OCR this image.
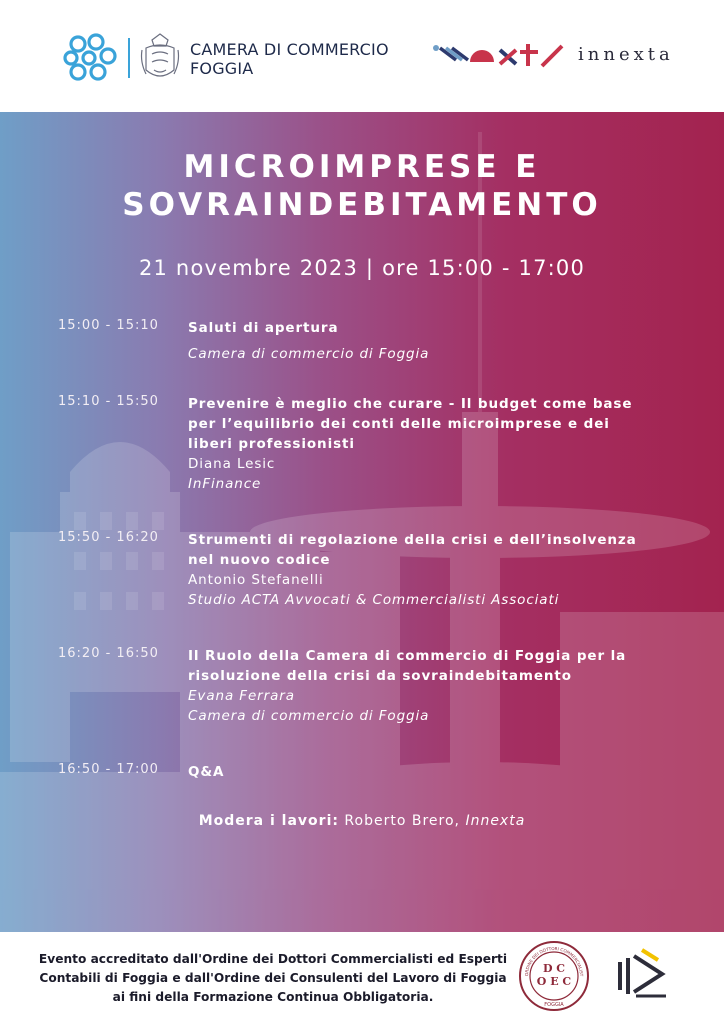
CAMERA DI COMMERCIO
FOGGIA
innexta
MICROIMPRESE E
SOVRAINDEBITAMENTO
21 novembre 2023 | ore 15:00 - 17:00
15:00 - 15:10 Saluti di apertura

Camera di commercio di Foggia

15:10 - 15:50 Prevenire è meglio che curare - Il budget come base per l’equilibrio dei conti delle microimprese e dei liberi professionisti

Diana Lesic

InFinance

15:50 - 16:20 Strumenti di regolazione della crisi e dell’insolvenza nel nuovo codice

Antonio Stefanelli

Studio ACTA Avvocati & Commercialisti Associati

16:20 - 16:50 Il Ruolo della Camera di commercio di Foggia per la risoluzione della crisi da sovraindebitamento

Evana Ferrara

Camera di commercio di Foggia

16:50 - 17:00 Q&A

Modera i lavori: Roberto Brero, Innexta
Evento accreditato dall'Ordine dei Dottori Commercialisti ed Esperti
Contabili di Foggia e dall'Ordine dei Consulenti del Lavoro di Foggia
ai fini della Formazione Continua Obbligatoria.
D C
O E C
FOGGIA
ORDINE DEI DOTTORI COMMERCIALIST
